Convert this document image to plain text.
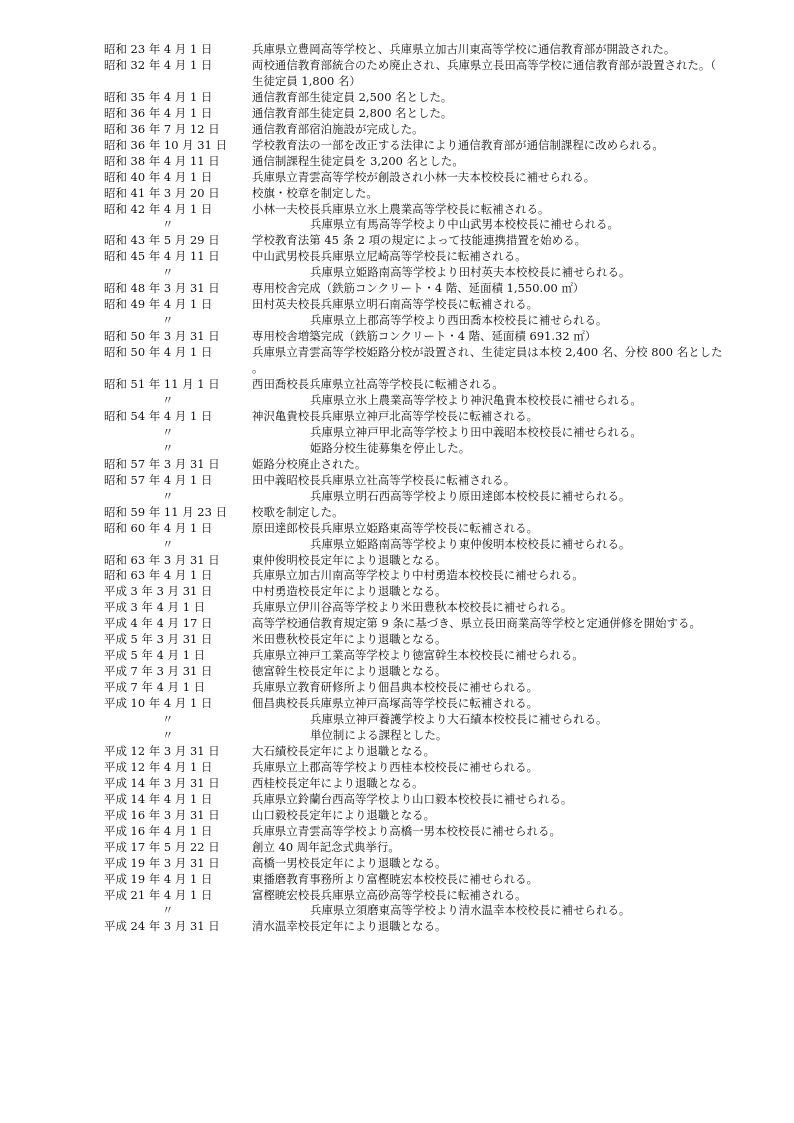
昭和 23 年 4 月 1 日	兵庫県立豊岡高等学校と、兵庫県立加古川東高等学校に通信教育部が開設された。
昭和 32 年 4 月 1 日	両校通信教育部統合のため廃止され、兵庫県立長田高等学校に通信教育部が設置された。（生徒定員 1,800 名）
昭和 35 年 4 月 1 日	通信教育部生徒定員 2,500 名とした。
昭和 36 年 4 月 1 日	通信教育部生徒定員 2,800 名とした。
昭和 36 年 7 月 12 日	通信教育部宿泊施設が完成した。
昭和 36 年 10 月 31 日	学校教育法の一部を改正する法律により通信教育部が通信制課程に改められる。
昭和 38 年 4 月 11 日	通信制課程生徒定員を 3,200 名とした。
昭和 40 年 4 月 1 日	兵庫県立青雲高等学校が創設され小林一夫本校校長に補せられる。
昭和 41 年 3 月 20 日	校旗・校章を制定した。
昭和 42 年 4 月 1 日	小林一夫校長兵庫県立氷上農業高等学校長に転補される。
〃	兵庫県立有馬高等学校より中山武男本校校長に補せられる。
昭和 43 年 5 月 29 日	学校教育法第 45 条 2 項の規定によって技能連携措置を始める。
昭和 45 年 4 月 11 日	中山武男校長兵庫県立尼崎高等学校長に転補される。
〃	兵庫県立姫路南高等学校より田村英夫本校校長に補せられる。
昭和 48 年 3 月 31 日	専用校舎完成（鉄筋コンクリート・4 階、延面積 1,550.00 ㎡）
昭和 49 年 4 月 1 日	田村英夫校長兵庫県立明石南高等学校長に転補される。
〃	兵庫県立上郡高等学校より西田喬本校校長に補せられる。
昭和 50 年 3 月 31 日	専用校舎増築完成（鉄筋コンクリート・4 階、延面積 691.32 ㎡）
昭和 50 年 4 月 1 日	兵庫県立青雲高等学校姫路分校が設置され、生徒定員は本校 2,400 名、分校 800 名とした。
昭和 51 年 11 月 1 日	西田喬校長兵庫県立社高等学校長に転補される。
〃	兵庫県立氷上農業高等学校より神沢亀貴本校校長に補せられる。
昭和 54 年 4 月 1 日	神沢亀貴校長兵庫県立神戸北高等学校長に転補される。
〃	兵庫県立神戸甲北高等学校より田中義昭本校校長に補せられる。
〃	姫路分校生徒募集を停止した。
昭和 57 年 3 月 31 日	姫路分校廃止された。
昭和 57 年 4 月 1 日	田中義昭校長兵庫県立社高等学校長に転補される。
〃	兵庫県立明石西高等学校より原田達郎本校校長に補せられる。
昭和 59 年 11 月 23 日	校歌を制定した。
昭和 60 年 4 月 1 日	原田達郎校長兵庫県立姫路東高等学校長に転補される。
〃	兵庫県立姫路南高等学校より東仲俊明本校校長に補せられる。
昭和 63 年 3 月 31 日	東仲俊明校長定年により退職となる。
昭和 63 年 4 月 1 日	兵庫県立加古川南高等学校より中村勇造本校校長に補せられる。
平成 3 年 3 月 31 日	中村勇造校長定年により退職となる。
平成 3 年 4 月 1 日	兵庫県立伊川谷高等学校より米田豊秋本校校長に補せられる。
平成 4 年 4 月 17 日	高等学校通信教育規定第 9 条に基づき、県立長田商業高等学校と定通併修を開始する。
平成 5 年 3 月 31 日	米田豊秋校長定年により退職となる。
平成 5 年 4 月 1 日	兵庫県立神戸工業高等学校より徳富幹生本校校長に補せられる。
平成 7 年 3 月 31 日	徳富幹生校長定年により退職となる。
平成 7 年 4 月 1 日	兵庫県立教育研修所より佃昌典本校校長に補せられる。
平成 10 年 4 月 1 日	佃昌典校長兵庫県立神戸高塚高等学校長に転補される。
〃	兵庫県立神戸養護学校より大石績本校校長に補せられる。
〃	単位制による課程とした。
平成 12 年 3 月 31 日	大石績校長定年により退職となる。
平成 12 年 4 月 1 日	兵庫県立上郡高等学校より西桂本校校長に補せられる。
平成 14 年 3 月 31 日	西桂校長定年により退職となる。
平成 14 年 4 月 1 日	兵庫県立鈴蘭台西高等学校より山口毅本校校長に補せられる。
平成 16 年 3 月 31 日	山口毅校長定年により退職となる。
平成 16 年 4 月 1 日	兵庫県立青雲高等学校より高橋一男本校校長に補せられる。
平成 17 年 5 月 22 日	創立 40 周年記念式典挙行。
平成 19 年 3 月 31 日	高橋一男校長定年により退職となる。
平成 19 年 4 月 1 日	東播磨教育事務所より富樫暁宏本校校長に補せられる。
平成 21 年 4 月 1 日	富樫暁宏校長兵庫県立高砂高等学校長に転補される。
〃	兵庫県立須磨東高等学校より清水温幸本校校長に補せられる。
平成 24 年 3 月 31 日	清水温幸校長定年により退職となる。
